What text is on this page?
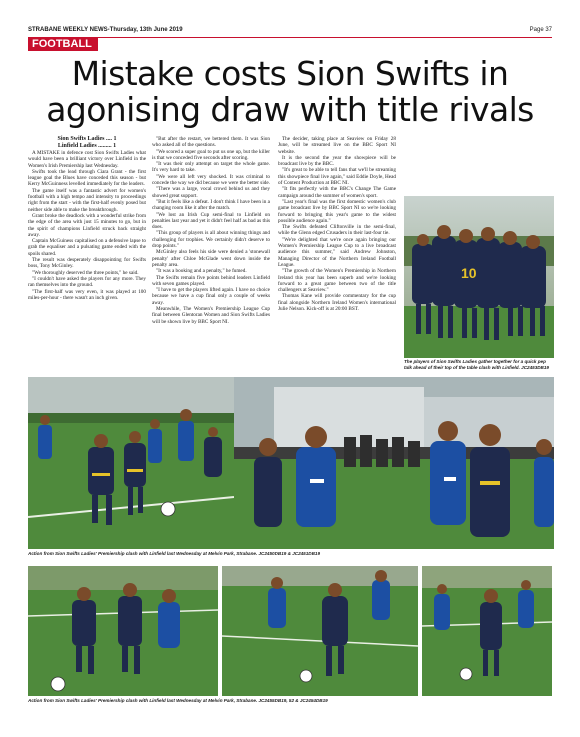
STRABANE WEEKLY NEWS-Thursday, 13th June 2019	Page 37
FOOTBALL
Mistake costs Sion Swifts in
agonising draw with title rivals

Sion Swifts Ladies .... 1

Linfield Ladies ......... 1

A MISTAKE in defence cost Sion Swifts Ladies what would have been a brilliant victory over Linfield in the Women's Irish Premiership last Wednesday.

Swifts took the lead through Ciara Grant - the first league goal the Blues have conceded this season - but Kerry McGuinness levelled immediately for the leaders.

The game itself was a fantastic advert for women's football with a high tempo and intensity to proceedings right from the start - with the first-half evenly posed but neither side able to make the breakthrough.

Grant broke the deadlock with a wonderful strike from the edge of the area with just 15 minutes to go, but in the spirit of champions Linfield struck back straight away.

Captain McGuiness capitalised on a defensive lapse to grab the equaliser and a pulsating game ended with the spoils shared.

The result was desperately disappointing for Swifts boss, Tony McGinley.

"We thoroughly deserved the three points," he said.

"I couldn't have asked the players for any more. They ran themselves into the ground.

"The first-half was very even, it was played at 100 miles-per-hour - there wasn't an inch given.

"But after the restart, we bettered them. It was Sion who asked all of the questions.

"We scored a super goal to put us one up, but the killer is that we conceded five seconds after scoring.

"It was their only attempt on target the whole game. It's very hard to take.

"We were all left very shocked. It was criminal to concede the way we did because we were the better side.

"There was a large, vocal crowd behind us and they showed great support.

"But it feels like a defeat. I don't think I have been in a changing room like it after the match.

"We lost an Irish Cup semi-final to Linfield on penalties last year and yet it didn't feel half as bad as this does.

"This group of players is all about winning things and challenging for trophies. We certainly didn't deserve to drop points."

McGinley also feels his side were denied a 'stonewall penalty' after Chloe McGlade went down inside the penalty area.

"It was a booking and a penalty," he fumed.

The Swifts remain five points behind leaders Linfield with seven games played.

"I have to get the players lifted again. I have no choice because we have a cup final only a couple of weeks away.

Meanwhile, The Women's Premiership League Cup final between Glentoran Women and Sion Swifts Ladies will be shown live by BBC Sport NI.

The decider, taking place at Seaview on Friday 28 June, will be streamed live on the BBC Sport NI website.

It is the second the year the showpiece will be broadcast live by the BBC.

"It's great to be able to tell fans that we'll be streaming this showpiece final live again," said Eddie Doyle, Head of Content Production at BBC NI.

"It fits perfectly with the BBC's Change The Game campaign around the summer of women's sport.

"Last year's final was the first domestic women's club game broadcast live by BBC Sport NI so we're looking forward to bringing this year's game to the widest possible audience again."

The Swifts defeated Cliftonville in the semi-final, while the Glenn edged Crusaders in their last-four tie.

"We're delighted that we're once again bringing our Women's Premiership League Cup to a live broadcast audience this summer," said Andrew Johnston, Managing Director of the Northern Ireland Football League.

"The growth of the Women's Premiership in Northern Ireland this year has been superb and we're looking forward to a great game between two of the title challengers at Seaview."

Thomas Kane will provide commentary for the cup final alongside Northern Ireland Women's international Julie Nelson. Kick-off is at 20:00 BST.

10
The players of Sion Swifts Ladies gather together for a quick pep talk ahead of their top of the table clash with Linfield. JC2453DB19
Action from Sion Swifts Ladies' Premiership clash with Linfield last Wednesday at Melvin Park, Strabane. JC2450DB19 & JC2451DB19
Action from Sion Swifts Ladies' Premiership clash with Linfield last Wednesday at Melvin Park, Strabane. JC2455DB19, 52 & JC2454DB19
